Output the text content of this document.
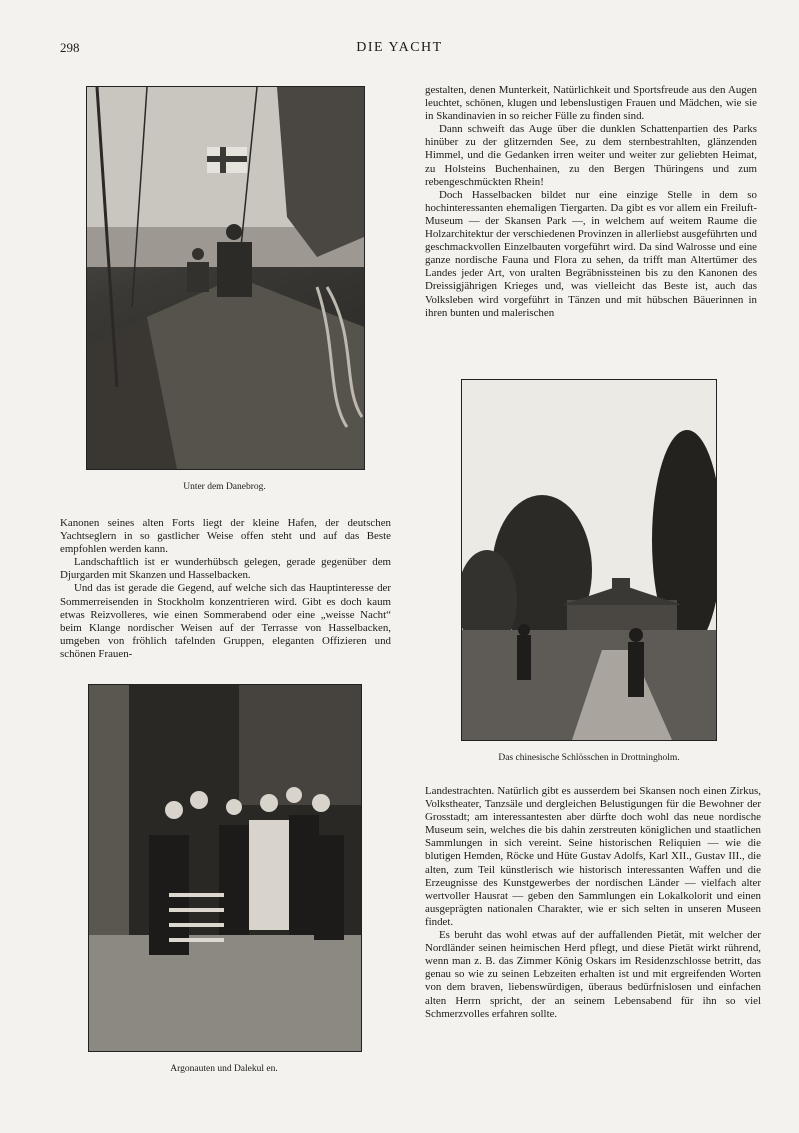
298	DIE YACHT
Unter dem Danebrog.

gestalten, denen Munterkeit, Natürlichkeit und Sportsfreude aus den Augen leuchtet, schönen, klugen und lebenslustigen Frauen und Mädchen, wie sie in Skandinavien in so reicher Fülle zu finden sind.

Dann schweift das Auge über die dunklen Schattenpartien des Parks hinüber zu der glitzernden See, zu dem sternbestrahlten, glänzenden Himmel, und die Gedanken irren weiter und weiter zur geliebten Heimat, zu Holsteins Buchenhainen, zu den Bergen Thüringens und zum rebengeschmückten Rhein!

Doch Hasselbacken bildet nur eine einzige Stelle in dem so hochinteressanten ehemaligen Tiergarten. Da gibt es vor allem ein Freiluft-Museum — der Skansen Park —, in welchem auf weitem Raume die Holzarchitektur der verschiedenen Provinzen in allerliebst ausgeführten und geschmackvollen Einzelbauten vorgeführt wird. Da sind Walrosse und eine ganze nordische Fauna und Flora zu sehen, da trifft man Altertümer des Landes jeder Art, von uralten Begräbnissteinen bis zu den Kanonen des Dreissigjährigen Krieges und, was vielleicht das Beste ist, auch das Volksleben wird vorgeführt in Tänzen und mit hübschen Bäuerinnen in ihren bunten und malerischen

Das chinesische Schlösschen in Drottningholm.

Kanonen seines alten Forts liegt der kleine Hafen, der deutschen Yachtseglern in so gastlicher Weise offen steht und auf das Beste empfohlen werden kann.

Landschaftlich ist er wunderhübsch gelegen, gerade gegenüber dem Djurgarden mit Skanzen und Hasselbacken.

Und das ist gerade die Gegend, auf welche sich das Hauptinteresse der Sommerreisenden in Stockholm konzentrieren wird. Gibt es doch kaum etwas Reizvolleres, wie einen Sommerabend oder eine „weisse Nacht“ beim Klange nordischer Weisen auf der Terrasse von Hasselbacken, umgeben von fröhlich tafelnden Gruppen, eleganten Offizieren und schönen Frauen-

Argonauten und Dalekul en.

Landestrachten. Natürlich gibt es ausserdem bei Skansen noch einen Zirkus, Volkstheater, Tanzsäle und dergleichen Belustigungen für die Bewohner der Grosstadt; am interessantesten aber dürfte doch wohl das neue nordische Museum sein, welches die bis dahin zerstreuten königlichen und staatlichen Sammlungen in sich vereint. Seine historischen Reliquien — wie die blutigen Hemden, Röcke und Hüte Gustav Adolfs, Karl XII., Gustav III., die alten, zum Teil künstlerisch wie historisch interessanten Waffen und die Erzeugnisse des Kunstgewerbes der nordischen Länder — vielfach alter wertvoller Hausrat — geben den Sammlungen ein Lokalkolorit und einen ausgeprägten nationalen Charakter, wie er sich selten in unseren Museen findet.

Es beruht das wohl etwas auf der auffallenden Pietät, mit welcher der Nordländer seinen heimischen Herd pflegt, und diese Pietät wirkt rührend, wenn man z. B. das Zimmer König Oskars im Residenzschlosse betritt, das genau so wie zu seinen Lebzeiten erhalten ist und mit ergreifenden Worten von dem braven, liebenswürdigen, überaus bedürfnislosen und einfachen alten Herrn spricht, der an seinem Lebensabend für ihn so viel Schmerzvolles erfahren sollte.
